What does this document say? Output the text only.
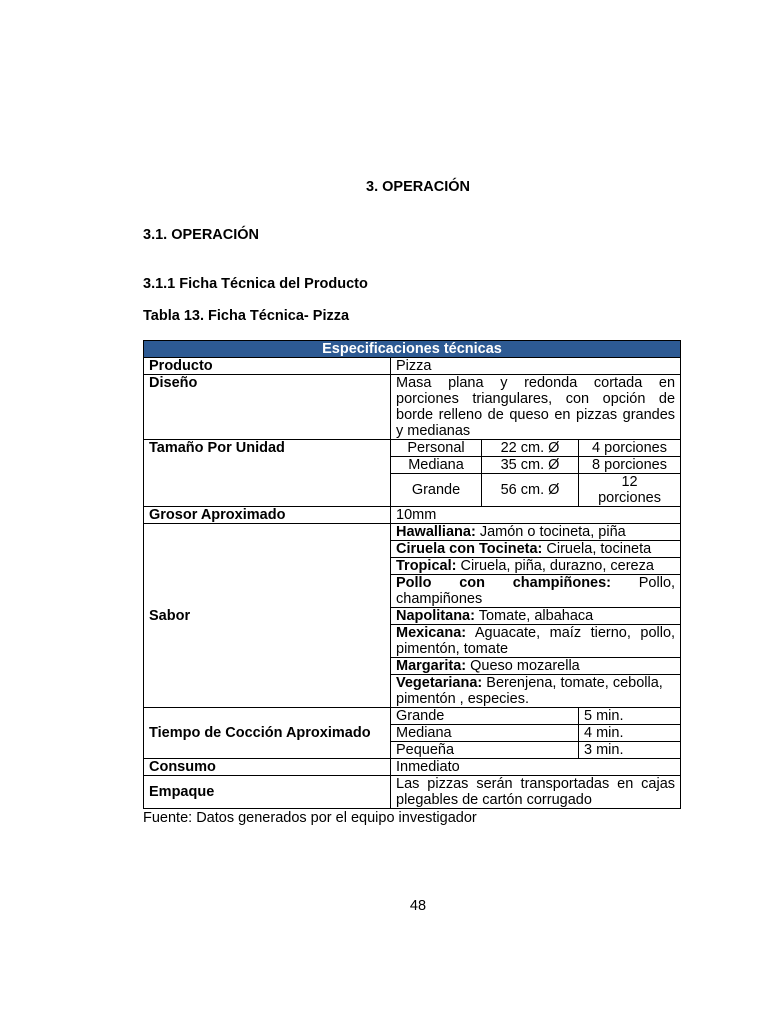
3. OPERACIÓN
3.1. OPERACIÓN
3.1.1 Ficha Técnica del Producto
Tabla 13. Ficha Técnica- Pizza
Especificaciones técnicas			
Producto	Pizza		
Diseño	Masa plana y redonda cortada en porciones triangulares, con opción de borde relleno de queso en pizzas grandes y medianas		
Tamaño Por Unidad	Personal	22 cm. Ø	4 porciones
	Mediana	35 cm. Ø	8 porciones
	Grande	56 cm. Ø	12 porciones
Grosor Aproximado	10mm		
Sabor	Hawalliana: Jamón o tocineta, piña		
	Ciruela con Tocineta: Ciruela, tocineta		
	Tropical: Ciruela, piña, durazno, cereza		
	Pollo con champiñones: Pollo, champiñones		
	Napolitana: Tomate, albahaca		
	Mexicana: Aguacate, maíz tierno, pollo, pimentón, tomate		
	Margarita: Queso mozarella		
	Vegetariana: Berenjena, tomate, cebolla, pimentón , especies.		
Tiempo de Cocción Aproximado	Grande		5 min.
	Mediana		4 min.
	Pequeña		3 min.
Consumo	Inmediato		
Empaque	Las pizzas serán transportadas en cajas plegables de cartón corrugado		
Fuente: Datos generados por el equipo investigador
48
